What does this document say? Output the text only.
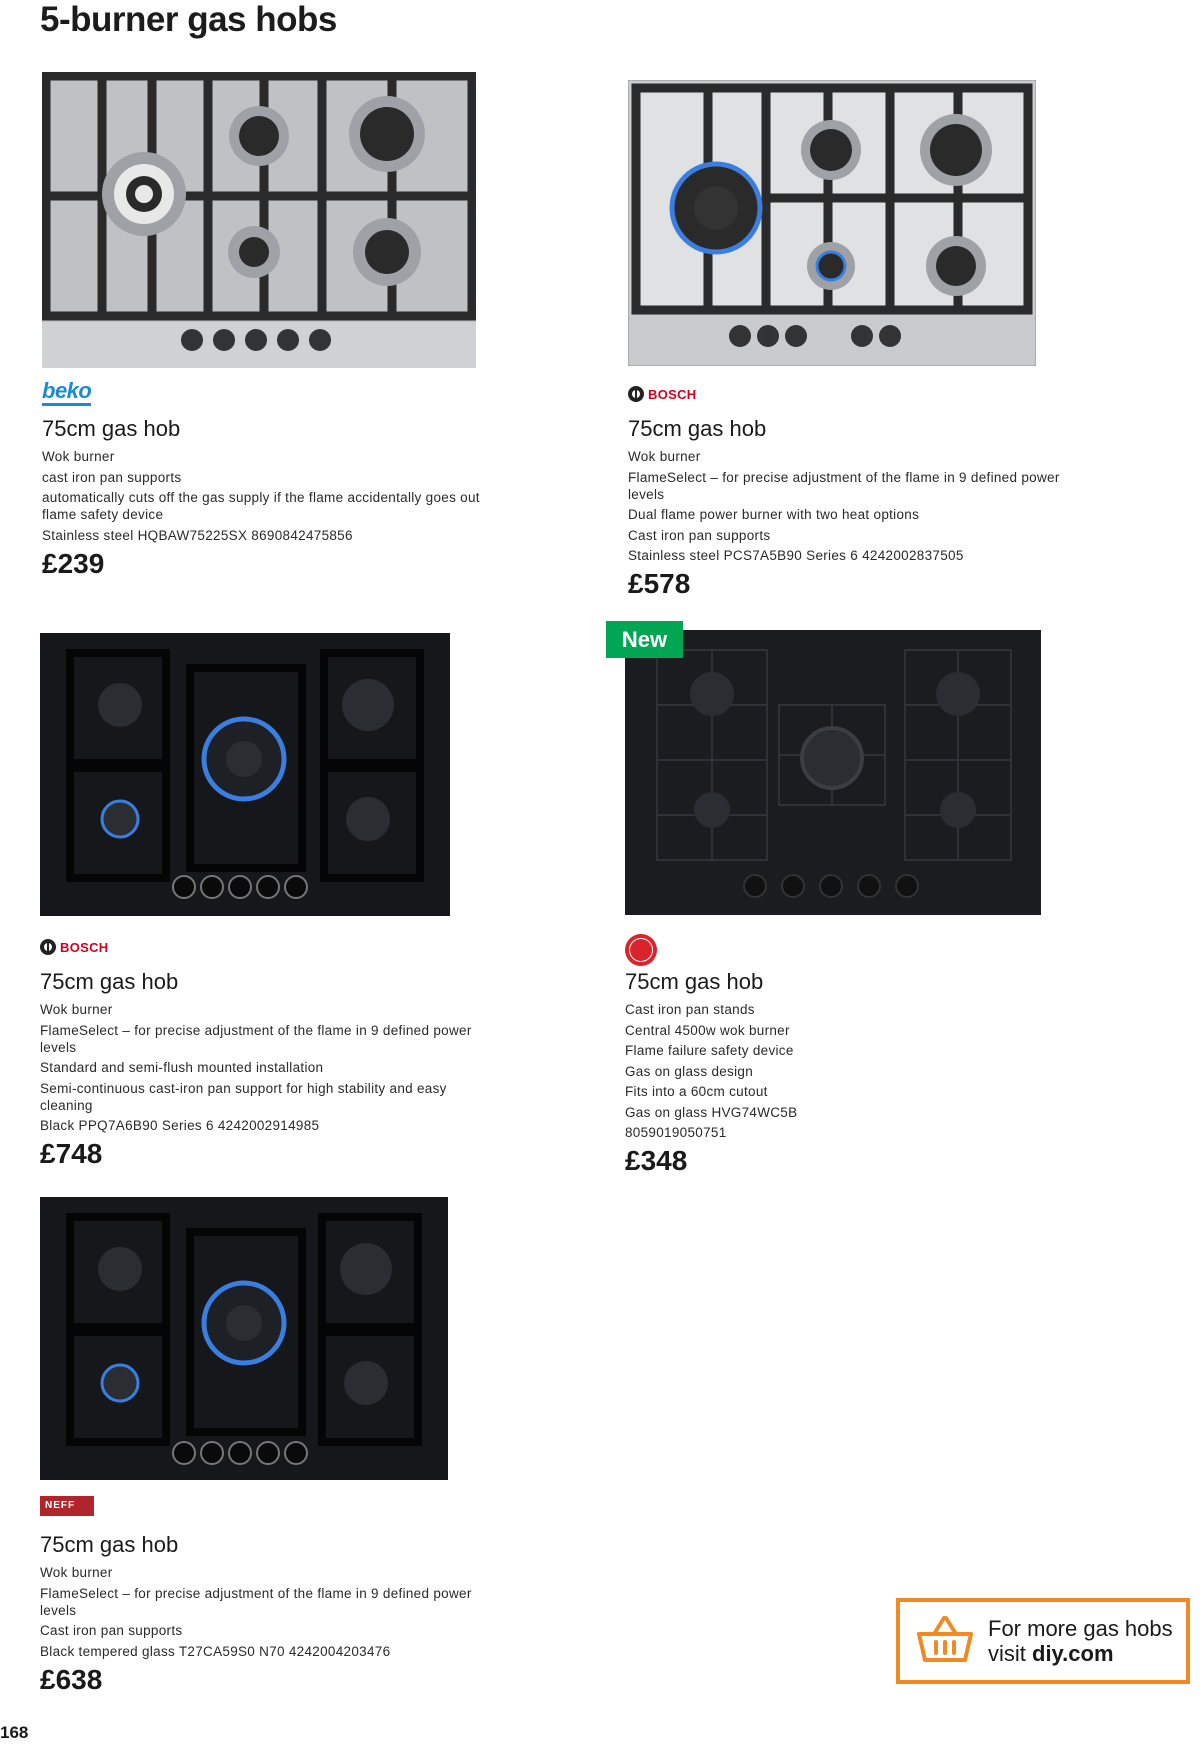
5-burner gas hobs
beko
75cm gas hob
Wok burner
cast iron pan supports
automatically cuts off the gas supply if the flame accidentally goes out flame safety device
Stainless steel HQBAW75225SX 8690842475856
£239
BOSCH
75cm gas hob
Wok burner
FlameSelect – for precise adjustment of the flame in 9 defined power levels
Dual flame power burner with two heat options
Cast iron pan supports
Stainless steel PCS7A5B90 Series 6 4242002837505
£578
BOSCH
75cm gas hob
Wok burner
FlameSelect – for precise adjustment of the flame in 9 defined power levels
Standard and semi-flush mounted installation
Semi-continuous cast-iron pan support for high stability and easy cleaning
Black PPQ7A6B90 Series 6 4242002914985
£748
New
75cm gas hob
Cast iron pan stands
Central 4500w wok burner
Flame failure safety device
Gas on glass design
Fits into a 60cm cutout
Gas on glass HVG74WC5B
8059019050751
£348
NEFF
75cm gas hob
Wok burner
FlameSelect – for precise adjustment of the flame in 9 defined power levels
Cast iron pan supports
Black tempered glass T27CA59S0 N70 4242004203476
£638
For more gas hobs
visit diy.com
168
